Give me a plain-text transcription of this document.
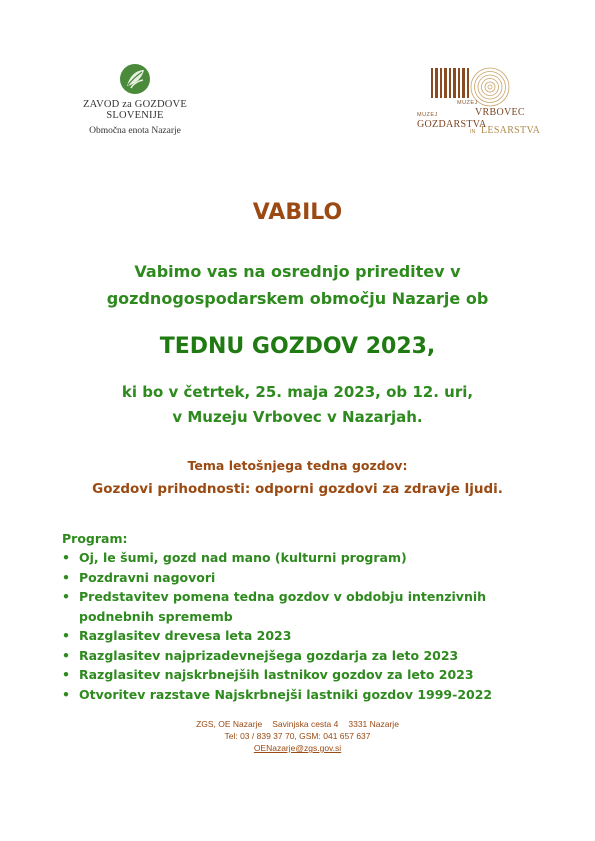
ZAVOD za GOZDOVE
SLOVENIJE
Območna enota Nazarje
MUZEJ
VRBOVEC
MUZEJ
GOZDARSTVA
IN LESARSTVA
VABILO
Vabimo vas na osrednjo prireditev v
gozdnogospodarskem območju Nazarje ob
TEDNU GOZDOV 2023,
ki bo v četrtek, 25. maja 2023, ob 12. uri,
v Muzeju Vrbovec v Nazarjah.
Tema letošnjega tedna gozdov:
Gozdovi prihodnosti: odporni gozdovi za zdravje ljudi.
Program:
• Oj, le šumi, gozd nad mano (kulturni program)
• Pozdravni nagovori
• Predstavitev pomena tedna gozdov v obdobju intenzivnih podnebnih sprememb
• Razglasitev drevesa leta 2023
• Razglasitev najprizadevnejšega gozdarja za leto 2023
• Razglasitev najskrbnejših lastnikov gozdov za leto 2023
• Otvoritev razstave Najskrbnejši lastniki gozdov 1999-2022
ZGS, OE Nazarje Savinjska cesta 4 3331 Nazarje
Tel: 03 / 839 37 70, GSM: 041 657 637
OENazarje@zgs.gov.si
